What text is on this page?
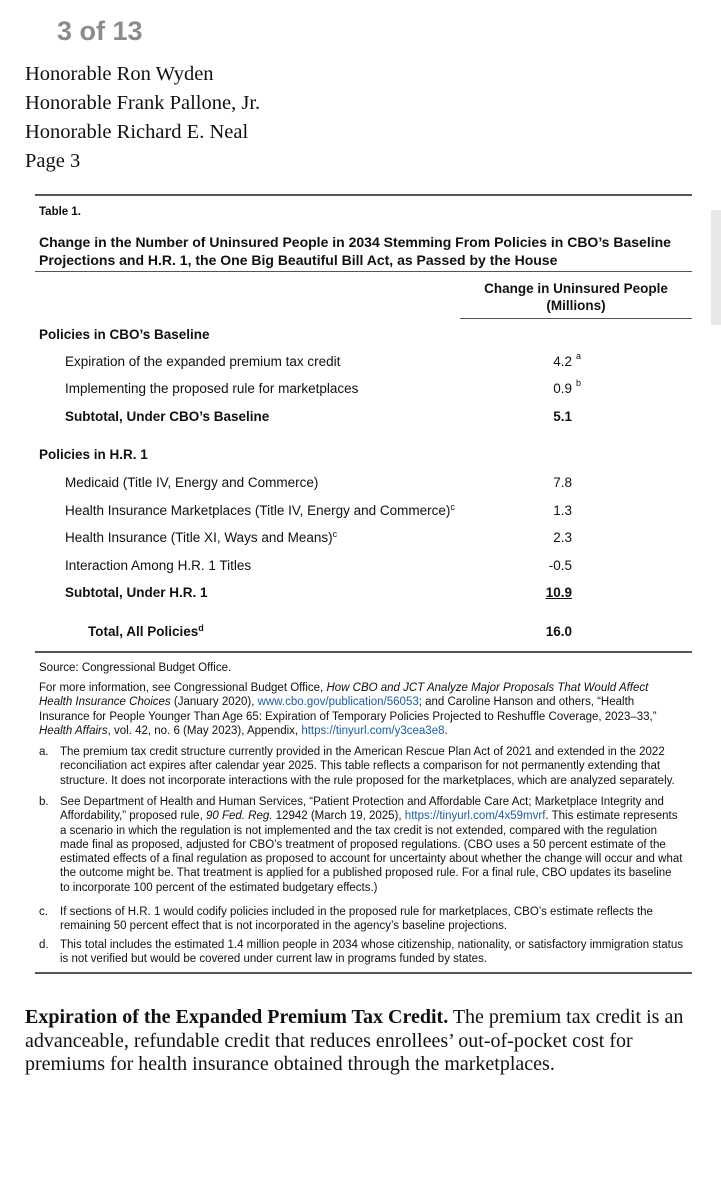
3 of 13
Honorable Ron Wyden
Honorable Frank Pallone, Jr.
Honorable Richard E. Neal
Page 3
Table 1.
Change in the Number of Uninsured People in 2034 Stemming From Policies in CBO’s Baseline Projections and H.R. 1, the One Big Beautiful Bill Act, as Passed by the House
Change in Uninsured People (Millions)
Policies in CBO’s Baseline
Expiration of the expanded premium tax credit	4.2 a
Implementing the proposed rule for marketplaces	0.9 b
Subtotal, Under CBO’s Baseline	5.1
Policies in H.R. 1
Medicaid (Title IV, Energy and Commerce)	7.8
Health Insurance Marketplaces (Title IV, Energy and Commerce)$^c$	1.3
Health Insurance (Title XI, Ways and Means)$^c$	2.3
Interaction Among H.R. 1 Titles	-0.5
Subtotal, Under H.R. 1	10.9
Total, All Policies$^d$	16.0
Source: Congressional Budget Office.
For more information, see Congressional Budget Office, How CBO and JCT Analyze Major Proposals That Would Affect Health Insurance Choices (January 2020), www.cbo.gov/publication/56053; and Caroline Hanson and others, “Health Insurance for People Younger Than Age 65: Expiration of Temporary Policies Projected to Reshuffle Coverage, 2023–33,” Health Affairs, vol. 42, no. 6 (May 2023), Appendix, https://tinyurl.com/y3cea3e8.
a. The premium tax credit structure currently provided in the American Rescue Plan Act of 2021 and extended in the 2022 reconciliation act expires after calendar year 2025. This table reflects a comparison for not permanently extending that structure. It does not incorporate interactions with the rule proposed for the marketplaces, which are analyzed separately.
b. See Department of Health and Human Services, “Patient Protection and Affordable Care Act; Marketplace Integrity and Affordability,” proposed rule, 90 Fed. Reg. 12942 (March 19, 2025), https://tinyurl.com/4x59mvrf. This estimate represents a scenario in which the regulation is not implemented and the tax credit is not extended, compared with the regulation made final as proposed, adjusted for CBO’s treatment of proposed regulations. (CBO uses a 50 percent estimate of the estimated effects of a final regulation as proposed to account for uncertainty about whether the change will occur and what the outcome might be. That treatment is applied for a published proposed rule. For a final rule, CBO updates its baseline to incorporate 100 percent of the estimated budgetary effects.)
c. If sections of H.R. 1 would codify policies included in the proposed rule for marketplaces, CBO’s estimate reflects the remaining 50 percent effect that is not incorporated in the agency’s baseline projections.
d. This total includes the estimated 1.4 million people in 2034 whose citizenship, nationality, or satisfactory immigration status is not verified but would be covered under current law in programs funded by states.
Expiration of the Expanded Premium Tax Credit. The premium tax credit is an advanceable, refundable credit that reduces enrollees’ out-of-pocket cost for premiums for health insurance obtained through the marketplaces.
